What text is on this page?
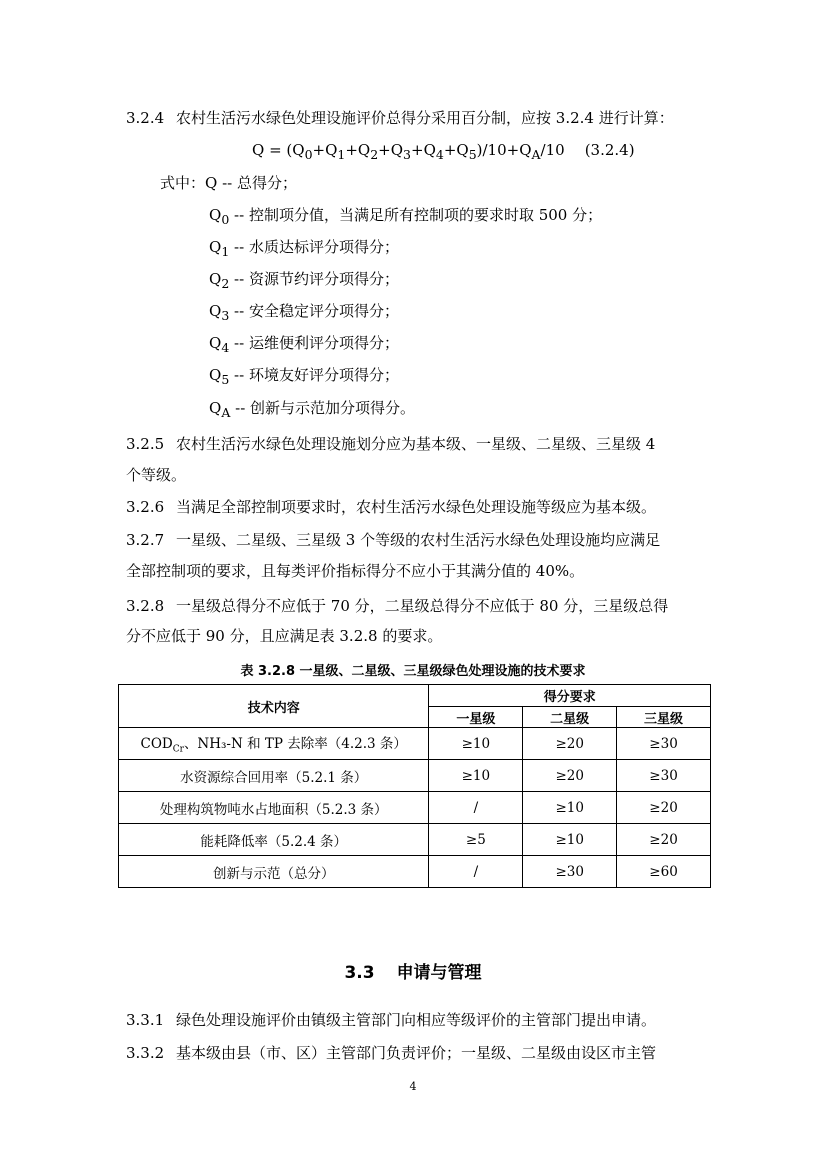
3.2.4 农村生活污水绿色处理设施评价总得分采用百分制，应按 3.2.4 进行计算：
$Q = (Q_0+Q_1+Q_2+Q_3+Q_4+Q_5)/10+Q_A/10$ (3.2.4)
式中：Q -- 总得分；
$Q_0$ -- 控制项分值，当满足所有控制项的要求时取 500 分；
$Q_1$ -- 水质达标评分项得分；
$Q_2$ -- 资源节约评分项得分；
$Q_3$ -- 安全稳定评分项得分；
$Q_4$ -- 运维便利评分项得分；
$Q_5$ -- 环境友好评分项得分；
$Q_A$ -- 创新与示范加分项得分。
3.2.5 农村生活污水绿色处理设施划分应为基本级、一星级、二星级、三星级 4
个等级。
3.2.6 当满足全部控制项要求时，农村生活污水绿色处理设施等级应为基本级。
3.2.7 一星级、二星级、三星级 3 个等级的农村生活污水绿色处理设施均应满足
全部控制项的要求，且每类评价指标得分不应小于其满分值的 40%。
3.2.8 一星级总得分不应低于 70 分，二星级总得分不应低于 80 分，三星级总得
分不应低于 90 分，且应满足表 3.2.8 的要求。
表 3.2.8 一星级、二星级、三星级绿色处理设施的技术要求
技术内容	得分要求		
	一星级	二星级	三星级
$COD_{Cr}$、NH₃-N 和 TP 去除率（4.2.3 条）	≥10	≥20	≥30
水资源综合回用率（5.2.1 条）	≥10	≥20	≥30
处理构筑物吨水占地面积（5.2.3 条）	/	≥10	≥20
能耗降低率（5.2.4 条）	≥5	≥10	≥20
创新与示范（总分）	/	≥30	≥60
3.3 申请与管理
3.3.1 绿色处理设施评价由镇级主管部门向相应等级评价的主管部门提出申请。
3.3.2 基本级由县（市、区）主管部门负责评价；一星级、二星级由设区市主管
4
